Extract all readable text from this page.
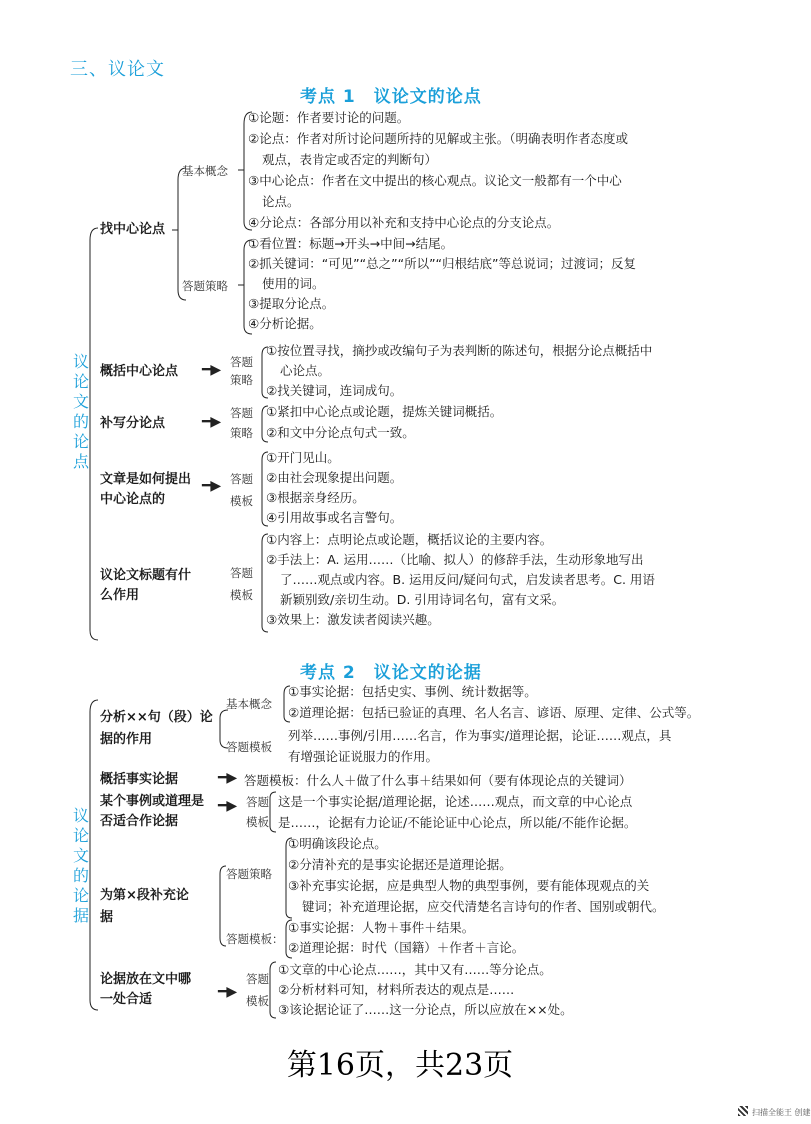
三、议论文
考点 1　议论文的论点
议论文的论点
找中心论点
基本概念
①论题：作者要讨论的问题。
②论点：作者对所讨论问题所持的见解或主张。（明确表明作者态度或
观点，表肯定或否定的判断句）
③中心论点：作者在文中提出的核心观点。议论文一般都有一个中心
论点。
④分论点：各部分用以补充和支持中心论点的分支论点。
答题策略
①看位置：标题→开头→中间→结尾。
②抓关键词：“可见”“总之”“所以”“归根结底”等总说词；过渡词；反复
使用的词。
③提取分论点。
④分析论据。
概括中心论点 ━▶ 答题
策略
①按位置寻找，摘抄或改编句子为表判断的陈述句，根据分论点概括中
心论点。
②找关键词，连词成句。
补写分论点	━▶
答题
策略
①紧扣中心论点或论题，提炼关键词概括。
②和文中分论点句式一致。
文章是如何提出
中心论点的
━▶ 答题
模板
①开门见山。
②由社会现象提出问题。
③根据亲身经历。
④引用故事或名言警句。
议论文标题有什
么作用
答题
模板
①内容上：点明论点或论题，概括议论的主要内容。
②手法上：A. 运用……（比喻、拟人）的修辞手法，生动形象地写出
了……观点或内容。B. 运用反问/疑问句式，启发读者思考。C. 用语
新颖别致/亲切生动。D. 引用诗词名句，富有文采。
③效果上：激发读者阅读兴趣。
考点 2　议论文的论据
议论文的论据
分析××句（段）论
据的作用
基本概念
①事实论据：包括史实、事例、统计数据等。
②道理论据：包括已验证的真理、名人名言、谚语、原理、定律、公式等。
答题模板
列举……事例/引用……名言，作为事实/道理论据，论证……观点，具
有增强论证说服力的作用。
概括事实论据	━▶ 答题模板：什么人＋做了什么事＋结果如何（要有体现论点的关键词）
某个事例或道理是
否适合作论据
━▶ 答题
模板
这是一个事实论据/道理论据，论述……观点，而文章的中心论点
是……，论据有力论证/不能论证中心论点，所以能/不能作论据。
为第×段补充论
据
答题策略
①明确该段论点。
②分清补充的是事实论据还是道理论据。
③补充事实论据，应是典型人物的典型事例，要有能体现观点的关
键词；补充道理论据，应交代清楚名言诗句的作者、国别或朝代。
答题模板：
①事实论据：人物＋事件＋结果。
②道理论据：时代（国籍）＋作者＋言论。
论据放在文中哪
一处合适	━▶
答题
模板
①文章的中心论点……，其中又有……等分论点。
②分析材料可知，材料所表达的观点是……
③该论据论证了……这一分论点，所以应放在××处。
第16页，共23页
扫描全能王 创建
